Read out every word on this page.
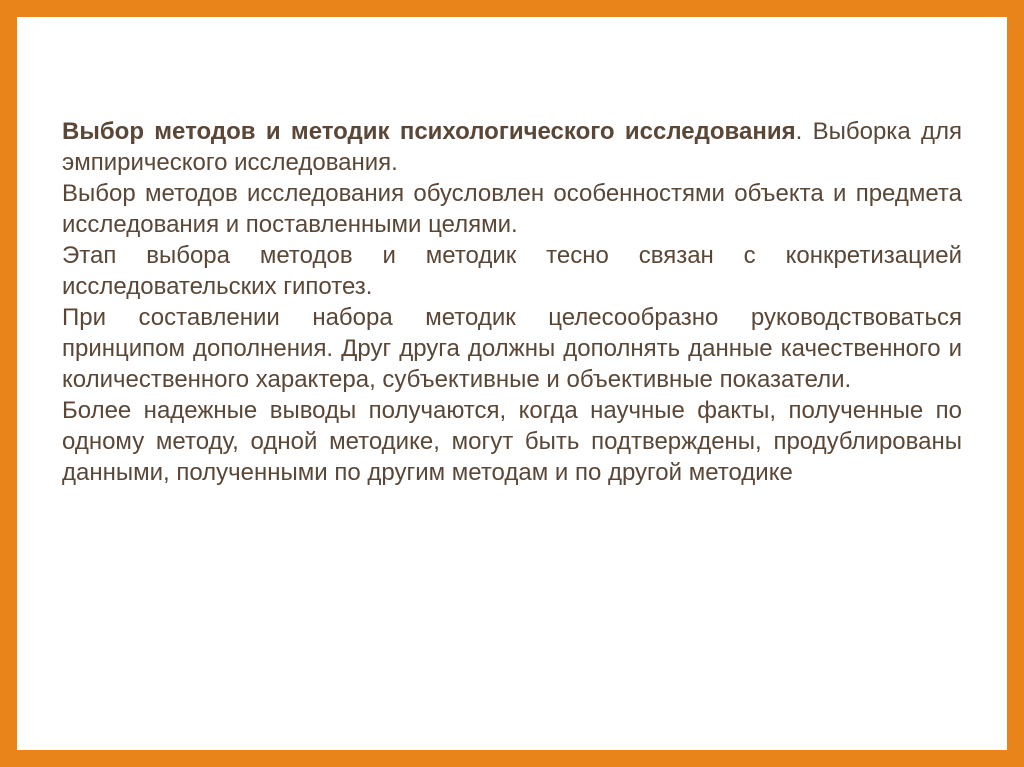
Выбор методов и методик психологического исследования. Выборка для эмпирического исследования.

Выбор методов исследования обусловлен особенностями объекта и предмета исследования и поставленными целями.

Этап выбора методов и методик тесно связан с конкретизацией исследовательских гипотез.

При составлении набора методик целесообразно руководствоваться принципом дополнения. Друг друга должны дополнять данные качественного и количественного характера, субъективные и объективные показатели.

Более надежные выводы получаются, когда научные факты, полученные по одному методу, одной методике, могут быть подтверждены, продублированы данными, полученными по другим методам и по другой методике
